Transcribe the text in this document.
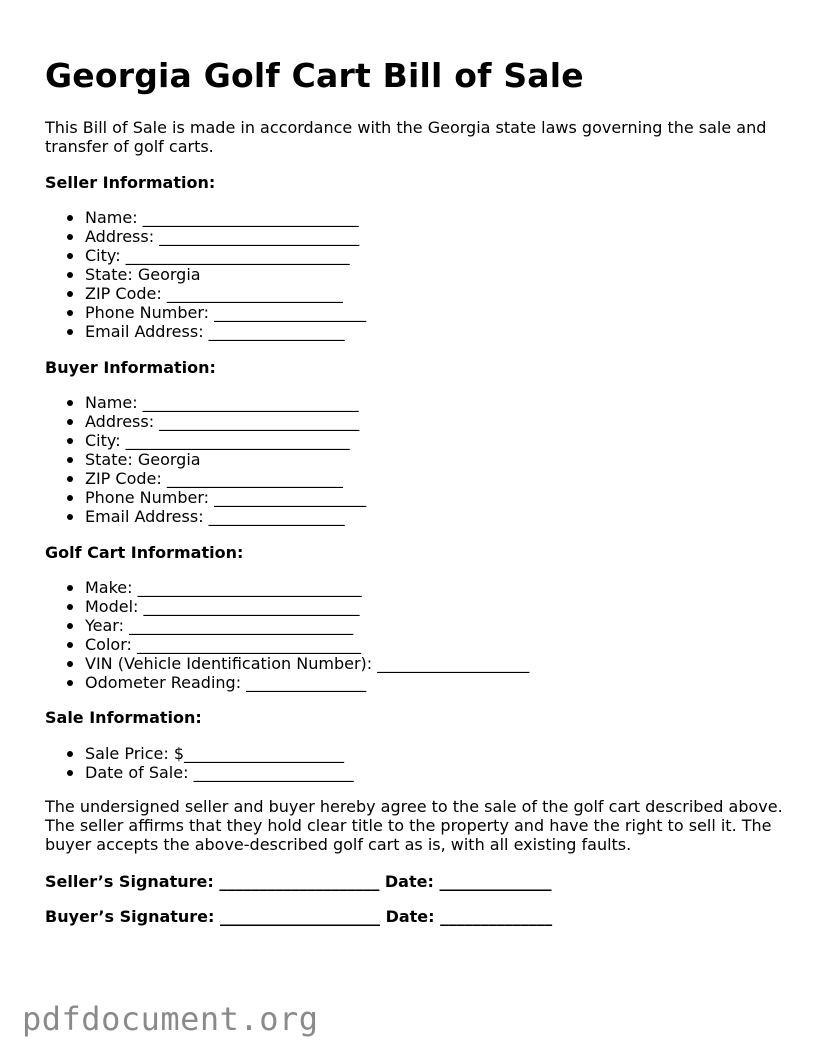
Georgia Golf Cart Bill of Sale

This Bill of Sale is made in accordance with the Georgia state laws governing the sale and transfer of golf carts.

Seller Information:

Name: ___________________________
Address: _________________________
City: ____________________________
State: Georgia
ZIP Code: ______________________
Phone Number: ___________________
Email Address: _________________

Buyer Information:

Name: ___________________________
Address: _________________________
City: ____________________________
State: Georgia
ZIP Code: ______________________
Phone Number: ___________________
Email Address: _________________

Golf Cart Information:

Make: ____________________________
Model: ___________________________
Year: ____________________________
Color: ____________________________
VIN (Vehicle Identification Number): ___________________
Odometer Reading: _______________

Sale Information:

Sale Price: $____________________
Date of Sale: ____________________

The undersigned seller and buyer hereby agree to the sale of the golf cart described above. The seller affirms that they hold clear title to the property and have the right to sell it. The buyer accepts the above-described golf cart as is, with all existing faults.

Seller’s Signature: ____________________ Date: ______________

Buyer’s Signature: ____________________ Date: ______________

pdfdocument.org
